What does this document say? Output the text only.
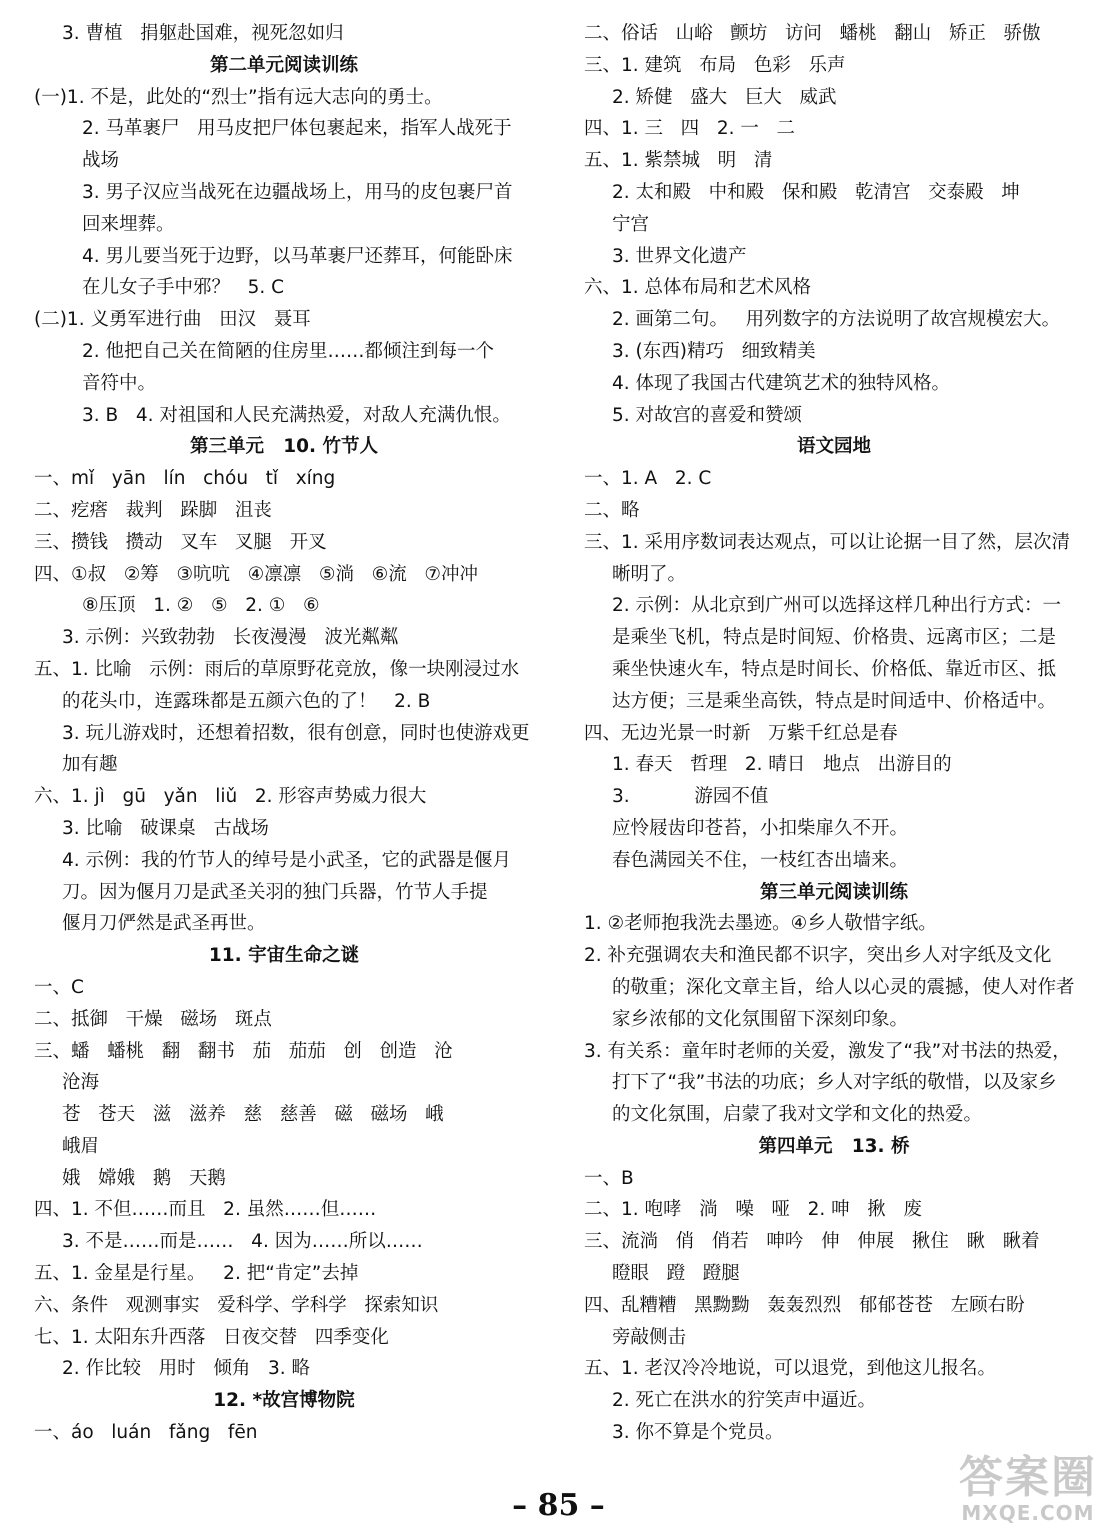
3. 曹植   捐躯赴国难，视死忽如归
第二单元阅读训练
(一)1. 不是，此处的“烈士”指有远大志向的勇士。
2. 马革裹尸   用马皮把尸体包裹起来，指军人战死于
战场
3. 男子汉应当战死在边疆战场上，用马的皮包裹尸首
回来埋葬。
4. 男儿要当死于边野，以马革裹尸还葬耳，何能卧床
在儿女子手中邪？   5. C
(二)1. 义勇军进行曲   田汉   聂耳
2. 他把自己关在简陋的住房里……都倾注到每一个
音符中。
3. B   4. 对祖国和人民充满热爱，对敌人充满仇恨。
第三单元   10. 竹节人
一、mǐ   yān   lín   chóu   tǐ   xíng
二、疙瘩   裁判   跺脚   沮丧
三、攒钱   攒动   叉车   叉腿   开叉
四、①叔   ②筹   ③吭吭   ④凛凛   ⑤淌   ⑥流   ⑦冲冲
⑧压顶   1. ②   ⑤   2. ①   ⑥
3. 示例：兴致勃勃   长夜漫漫   波光粼粼
五、1. 比喻   示例：雨后的草原野花竞放，像一块刚浸过水
的花头巾，连露珠都是五颜六色的了！   2. B
3. 玩儿游戏时，还想着招数，很有创意，同时也使游戏更
加有趣
六、1. jì   gū   yǎn   liǔ   2. 形容声势威力很大
3. 比喻   破课桌   古战场
4. 示例：我的竹节人的绰号是小武圣，它的武器是偃月
刀。因为偃月刀是武圣关羽的独门兵器，竹节人手提
偃月刀俨然是武圣再世。
11. 宇宙生命之谜
一、C
二、抵御   干燥   磁场   斑点
三、蟠   蟠桃   翻   翻书   茄   茄茄   创   创造   沧
沧海
苍   苍天   滋   滋养   慈   慈善   磁   磁场   峨
峨眉
娥   嫦娥   鹅   天鹅
四、1. 不但……而且   2. 虽然……但……
3. 不是……而是……   4. 因为……所以……
五、1. 金星是行星。   2. 把“肯定”去掉
六、条件   观测事实   爱科学、学科学   探索知识
七、1. 太阳东升西落   日夜交替   四季变化
2. 作比较   用时   倾角   3. 略
12. *故宫博物院
一、áo   luán   fǎng   fēn
二、俗话   山峪   颤坊   访问   蟠桃   翻山   矫正   骄傲
三、1. 建筑   布局   色彩   乐声
2. 矫健   盛大   巨大   威武
四、1. 三   四   2. 一   二
五、1. 紫禁城   明   清
2. 太和殿   中和殿   保和殿   乾清宫   交泰殿   坤
宁宫
3. 世界文化遗产
六、1. 总体布局和艺术风格
2. 画第二句。   用列数字的方法说明了故宫规模宏大。
3. (东西)精巧   细致精美
4. 体现了我国古代建筑艺术的独特风格。
5. 对故宫的喜爱和赞颂
语文园地
一、1. A   2. C
二、略
三、1. 采用序数词表达观点，可以让论据一目了然，层次清
晰明了。
2. 示例：从北京到广州可以选择这样几种出行方式：一
是乘坐飞机，特点是时间短、价格贵、远离市区；二是
乘坐快速火车，特点是时间长、价格低、靠近市区、抵
达方便；三是乘坐高铁，特点是时间适中、价格适中。
四、无边光景一时新   万紫千红总是春
1. 春天   哲理   2. 晴日   地点   出游目的
3.           游园不值
应怜屐齿印苍苔，小扣柴扉久不开。
春色满园关不住，一枝红杏出墙来。
第三单元阅读训练
1. ②老师抱我洗去墨迹。④乡人敬惜字纸。
2. 补充强调农夫和渔民都不识字，突出乡人对字纸及文化
的敬重；深化文章主旨，给人以心灵的震撼，使人对作者
家乡浓郁的文化氛围留下深刻印象。
3. 有关系：童年时老师的关爱，激发了“我”对书法的热爱，
打下了“我”书法的功底；乡人对字纸的敬惜，以及家乡
的文化氛围，启蒙了我对文学和文化的热爱。
第四单元   13. 桥
一、B
二、1. 咆哮   淌   噪   哑   2. 呻   揪   废
三、流淌   俏   俏若   呻吟   伸   伸展   揪住   瞅   瞅着
瞪眼   蹬   蹬腿
四、乱糟糟   黑黝黝   轰轰烈烈   郁郁苍苍   左顾右盼
旁敲侧击
五、1. 老汉冷冷地说，可以退党，到他这儿报名。
2. 死亡在洪水的狞笑声中逼近。
3. 你不算是个党员。
– 85 –
答案圈
MXQE.COM
